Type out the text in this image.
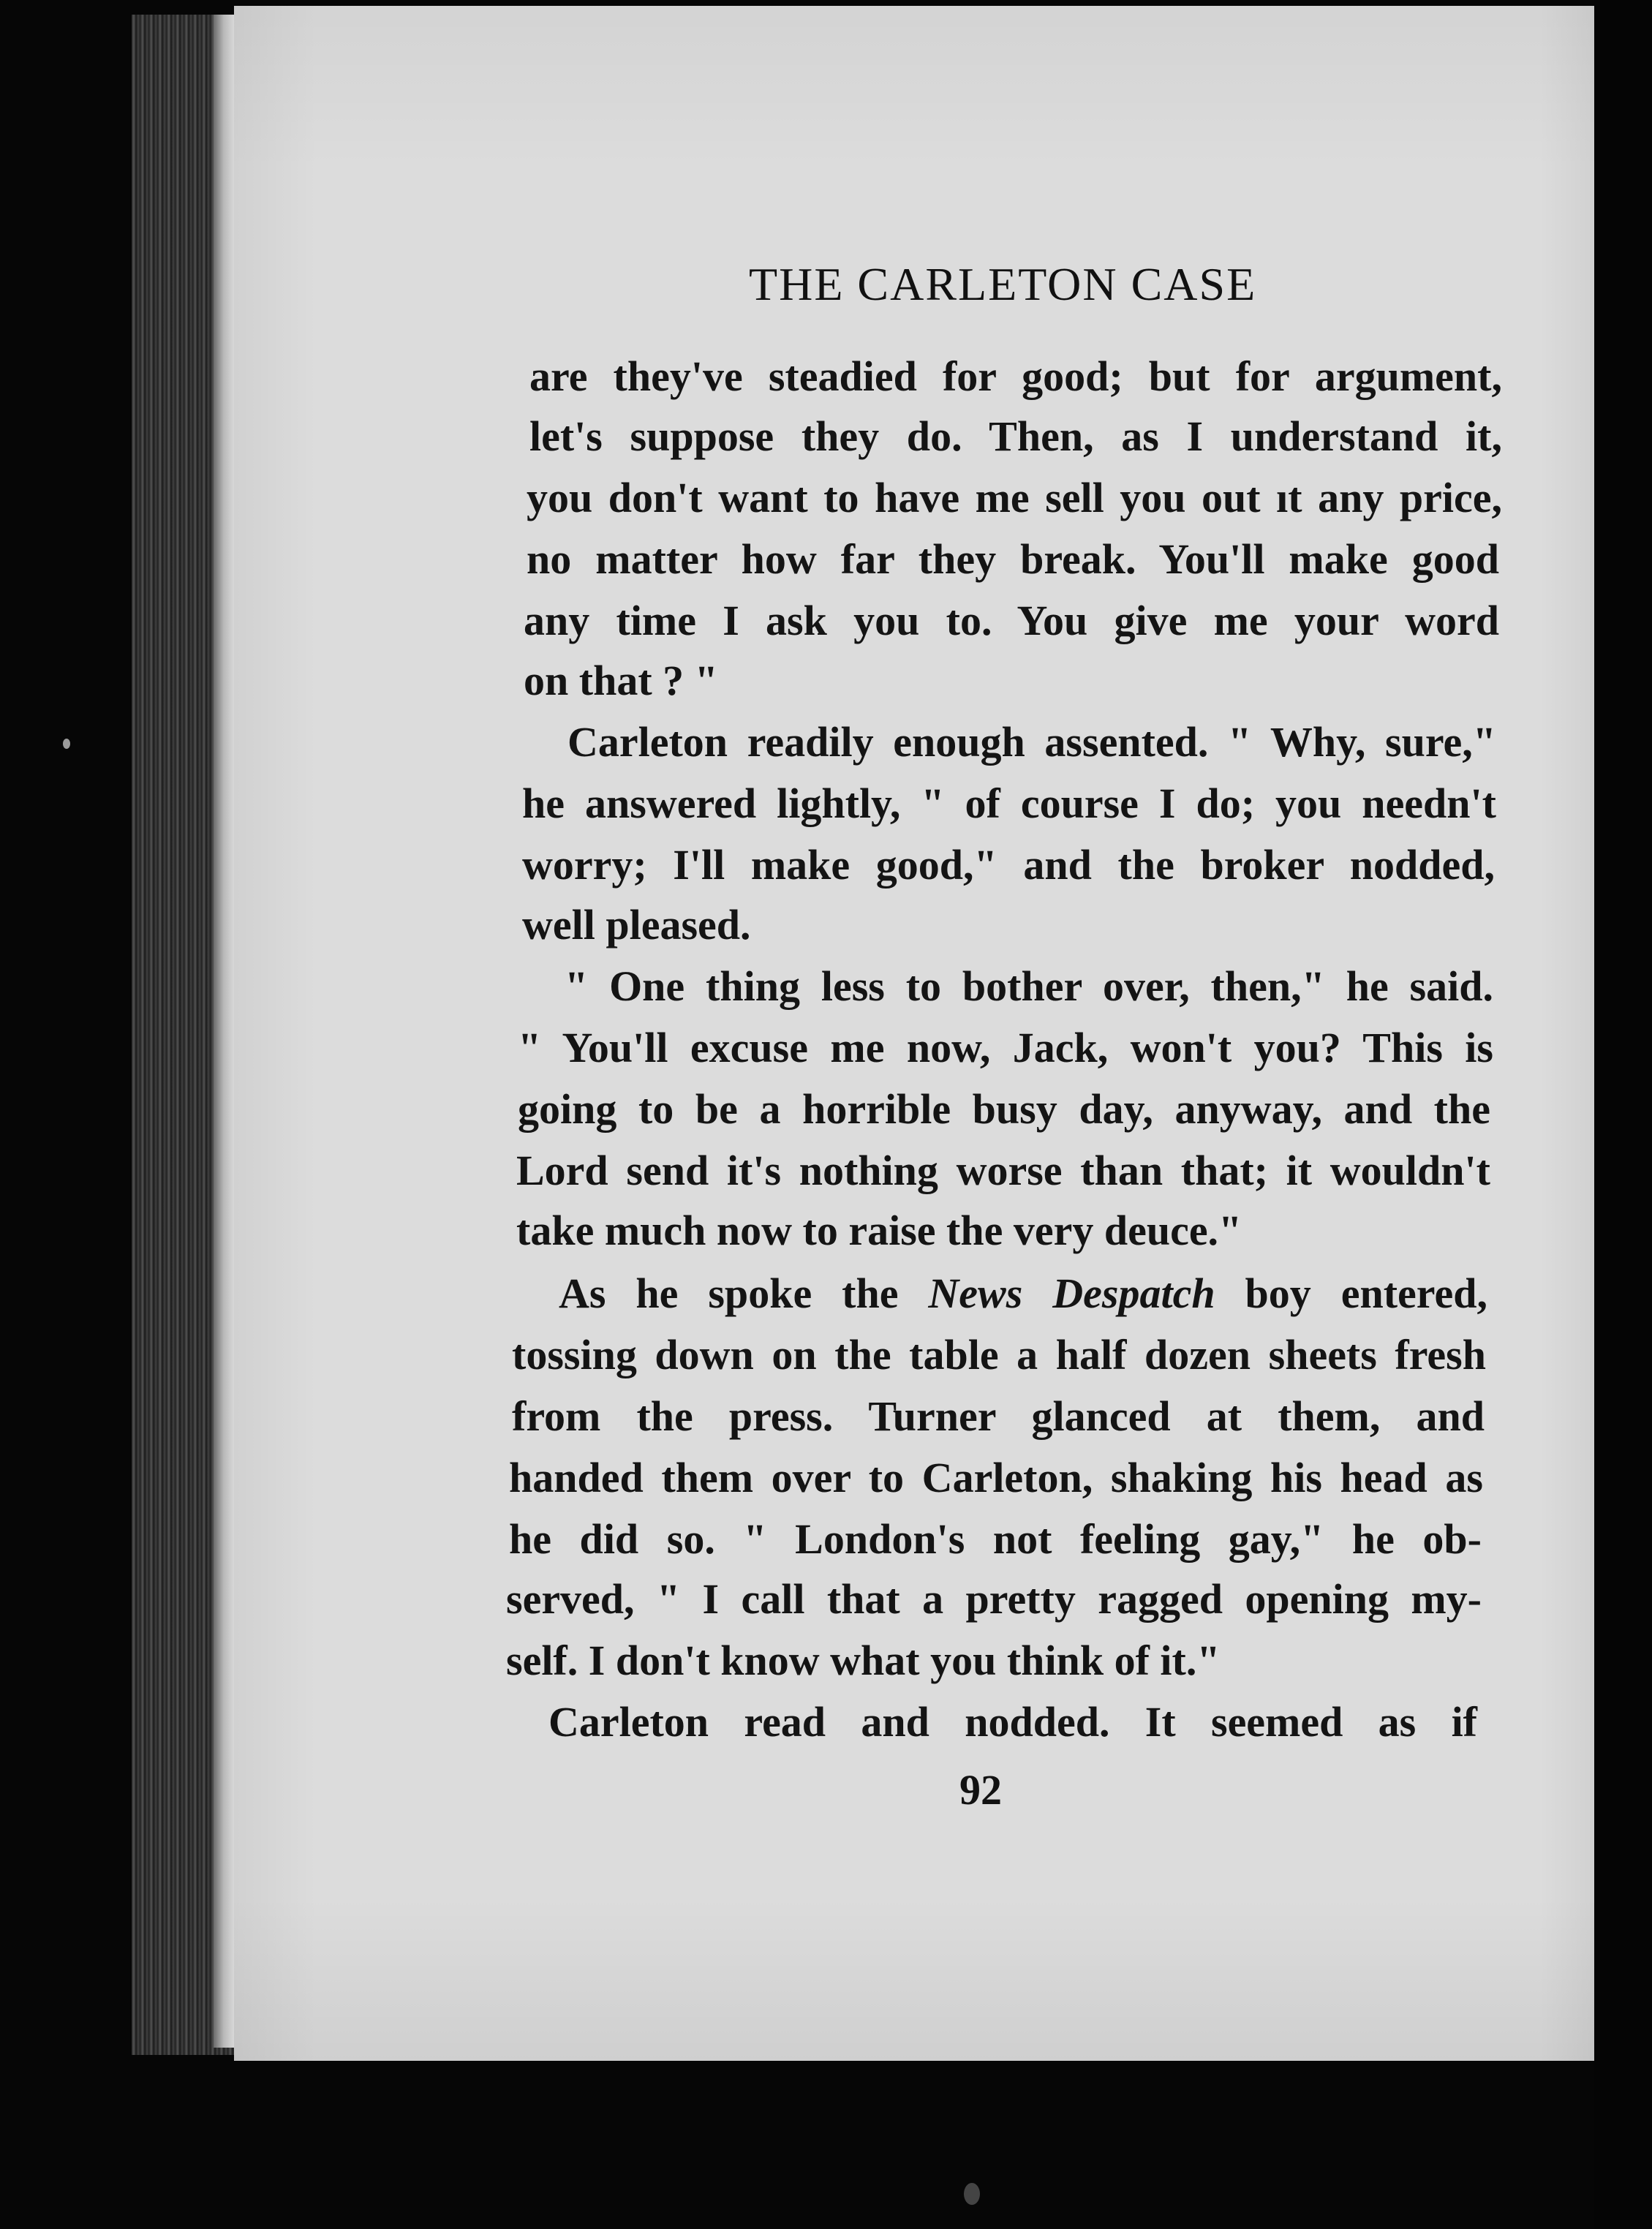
THE CARLETON CASE
are they've steadied for good; but for argument,
let's suppose they do. Then, as I understand it,
you don't want to have me sell you out ıt any price,
no matter how far they break. You'll make good
any time I ask you to. You give me your word
on that ? "
Carleton readily enough assented. " Why, sure,"
he answered lightly, " of course I do; you needn't
worry; I'll make good," and the broker nodded,
well pleased.
" One thing less to bother over, then," he said.
" You'll excuse me now, Jack, won't you? This is
going to be a horrible busy day, anyway, and the
Lord send it's nothing worse than that; it wouldn't
take much now to raise the very deuce."
As he spoke the News Despatch boy entered,
tossing down on the table a half dozen sheets fresh
from the press. Turner glanced at them, and
handed them over to Carleton, shaking his head as
he did so. " London's not feeling gay," he ob-
served, " I call that a pretty ragged opening my-
self. I don't know what you think of it."
Carleton read and nodded. It seemed as if
92
